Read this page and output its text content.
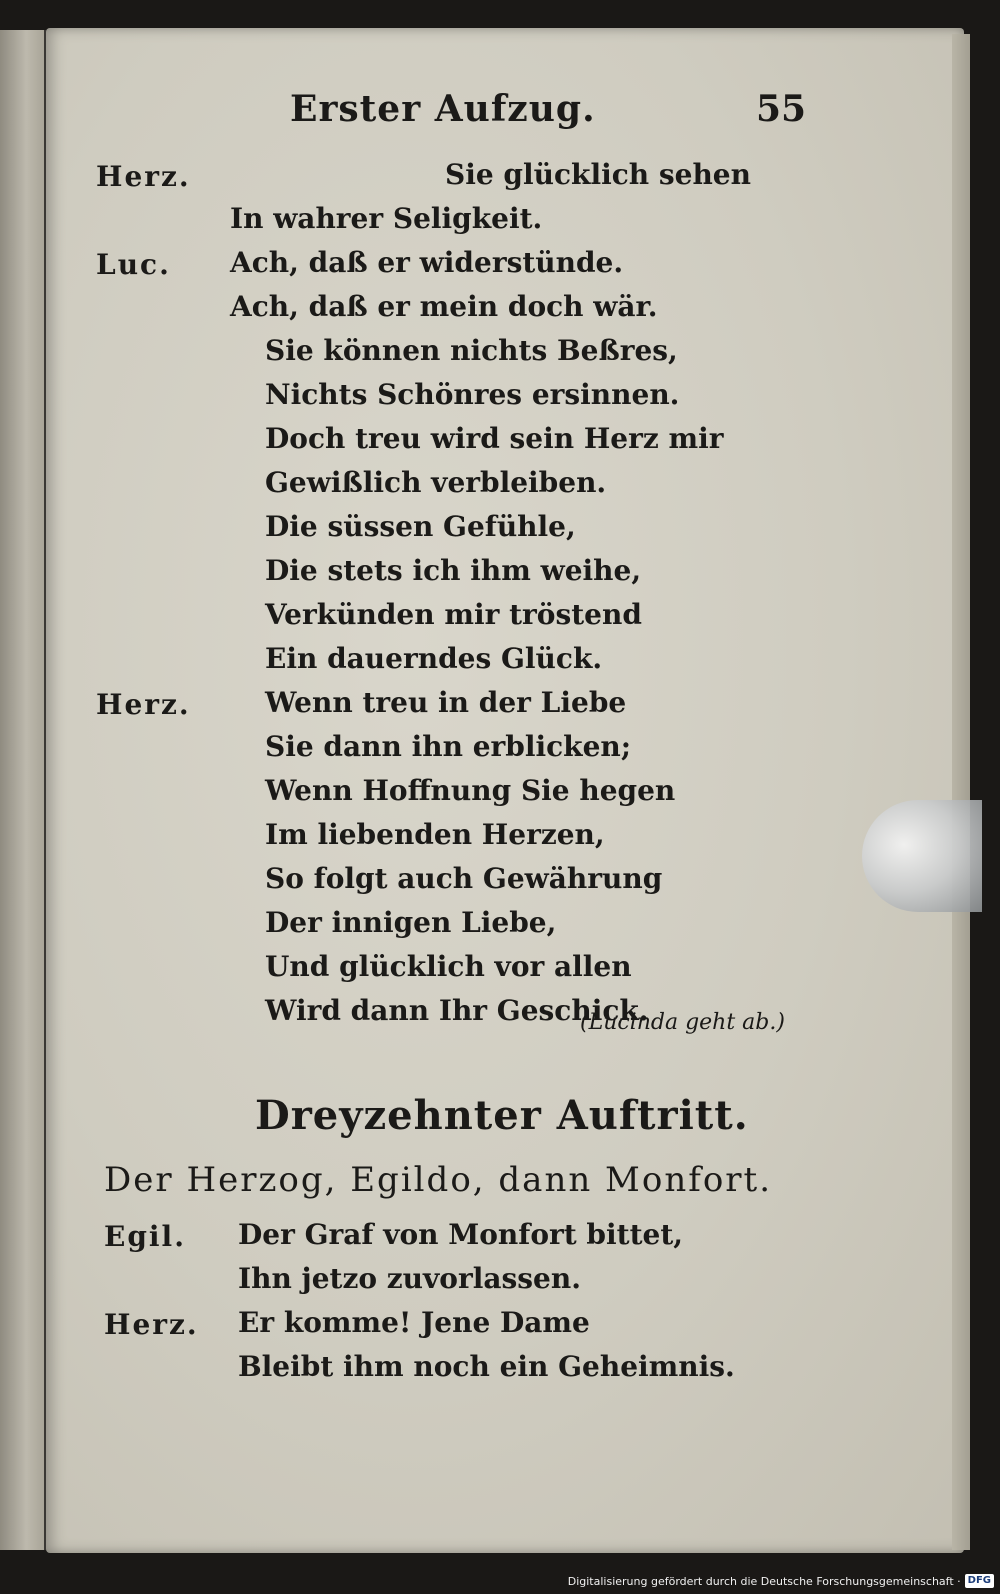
Erster Aufzug.	55
Herz.	Sie glücklich sehen
In wahrer Seligkeit.
Luc. Ach, daß er widerstünde.
Ach, daß er mein doch wär.
Sie können nichts Beßres,
Nichts Schönres ersinnen.
Doch treu wird sein Herz mir
Gewißlich verbleiben.
Die süssen Gefühle,
Die stets ich ihm weihe,
Verkünden mir tröstend
Ein dauerndes Glück.
Herz.	Wenn treu in der Liebe
Sie dann ihn erblicken;
Wenn Hoffnung Sie hegen
Im liebenden Herzen,
So folgt auch Gewährung
Der innigen Liebe,
Und glücklich vor allen
Wird dann Ihr Geschick.
(Lucinda geht ab.)
Dreyzehnter Auftritt.
Der Herzog, Egildo, dann Monfort.
Egil. Der Graf von Monfort bittet,
Ihn jetzo zuvorlassen.
Herz. Er komme! Jene Dame
Bleibt ihm noch ein Geheimnis.
Digitalisierung gefördert durch die Deutsche Forschungsgemeinschaft · DFG
